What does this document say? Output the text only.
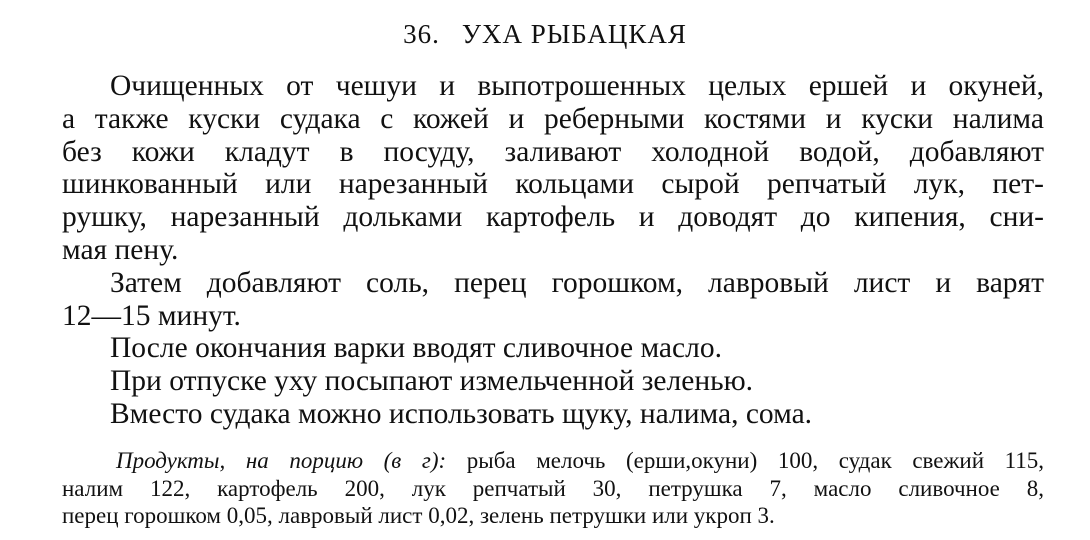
36. УХА РЫБАЦКАЯ

Очищенных от чешуи и выпотрошенных целых ершей и окуней,
а также куски судака с кожей и реберными костями и куски налима
без кожи кладут в посуду, заливают холодной водой, добавляют
шинкованный или нарезанный кольцами сырой репчатый лук, пет-
рушку, нарезанный дольками картофель и доводят до кипения, сни-
мая пену.

Затем добавляют соль, перец горошком, лавровый лист и варят
12—15 минут.

После окончания варки вводят сливочное масло.
При отпуске уху посыпают измельченной зеленью.
Вместо судака можно использовать щуку, налима, сома.
Продукты, на порцию (в г): рыба мелочь (ерши,окуни) 100, судак свежий 115,
налим 122, картофель 200, лук репчатый 30, петрушка 7, масло сливочное 8,
перец горошком 0,05, лавровый лист 0,02, зелень петрушки или укроп 3.
